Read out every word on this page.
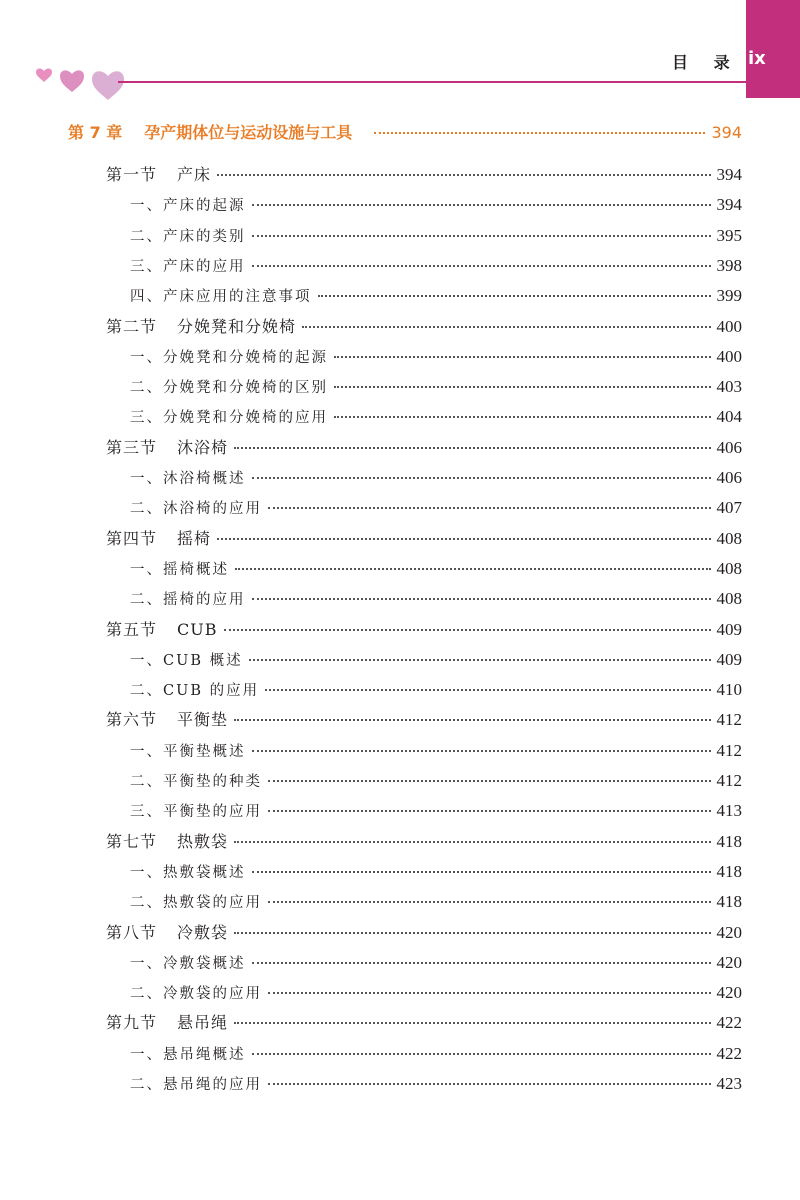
目 录 ix
第 7 章 孕产期体位与运动设施与工具	394
第一节 产床	394
一、产床的起源	394
二、产床的类别	395
三、产床的应用	398
四、产床应用的注意事项	399
第二节 分娩凳和分娩椅	400
一、分娩凳和分娩椅的起源	400
二、分娩凳和分娩椅的区别	403
三、分娩凳和分娩椅的应用	404
第三节 沐浴椅	406
一、沐浴椅概述	406
二、沐浴椅的应用	407
第四节 摇椅	408
一、摇椅概述	408
二、摇椅的应用	408
第五节 CUB	409
一、CUB 概述	409
二、CUB 的应用	410
第六节 平衡垫	412
一、平衡垫概述	412
二、平衡垫的种类	412
三、平衡垫的应用	413
第七节 热敷袋	418
一、热敷袋概述	418
二、热敷袋的应用	418
第八节 冷敷袋	420
一、冷敷袋概述	420
二、冷敷袋的应用	420
第九节 悬吊绳	422
一、悬吊绳概述	422
二、悬吊绳的应用	423
